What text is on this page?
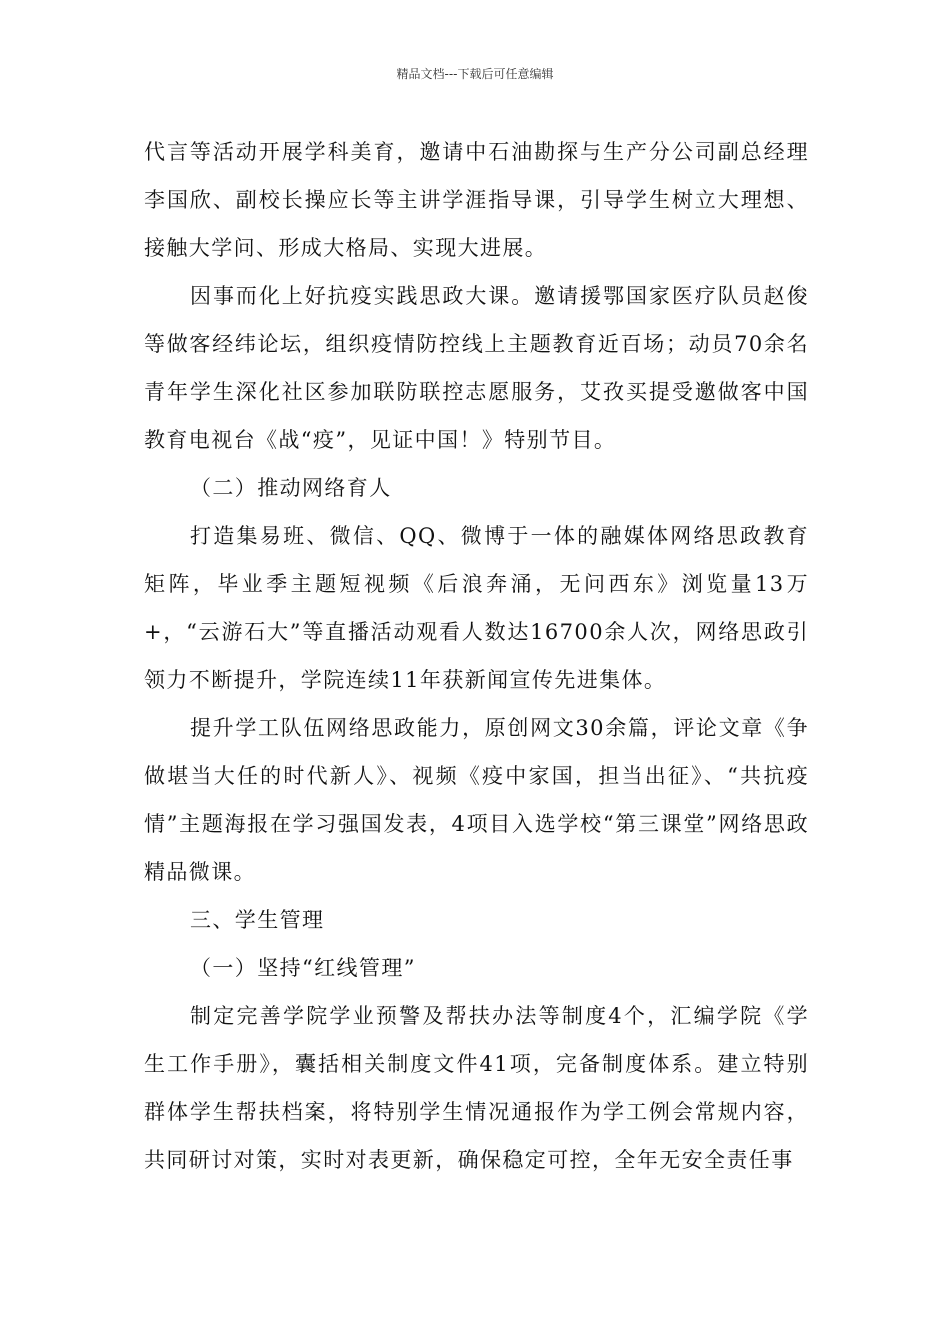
精品文档---下载后可任意编辑

代言等活动开展学科美育，邀请中石油勘探与生产分公司副总经理李国欣、副校长操应长等主讲学涯指导课，引导学生树立大理想、接触大学问、形成大格局、实现大进展。

因事而化上好抗疫实践思政大课。邀请援鄂国家医疗队员赵俊等做客经纬论坛，组织疫情防控线上主题教育近百场；动员70余名青年学生深化社区参加联防联控志愿服务，艾孜买提受邀做客中国教育电视台《战“疫”，见证中国！》特别节目。

（二）推动网络育人

打造集易班、微信、QQ、微博于一体的融媒体网络思政教育矩阵，毕业季主题短视频《后浪奔涌，无问西东》浏览量13万+，“云游石大”等直播活动观看人数达16700余人次，网络思政引领力不断提升，学院连续11年获新闻宣传先进集体。

提升学工队伍网络思政能力，原创网文30余篇，评论文章《争做堪当大任的时代新人》、视频《疫中家国，担当出征》、“共抗疫情”主题海报在学习强国发表，4项目入选学校“第三课堂”网络思政精品微课。

三、学生管理

（一）坚持“红线管理”

制定完善学院学业预警及帮扶办法等制度4个，汇编学院《学生工作手册》，囊括相关制度文件41项，完备制度体系。建立特别群体学生帮扶档案，将特别学生情况通报作为学工例会常规内容，共同研讨对策，实时对表更新，确保稳定可控，全年无安全责任事
